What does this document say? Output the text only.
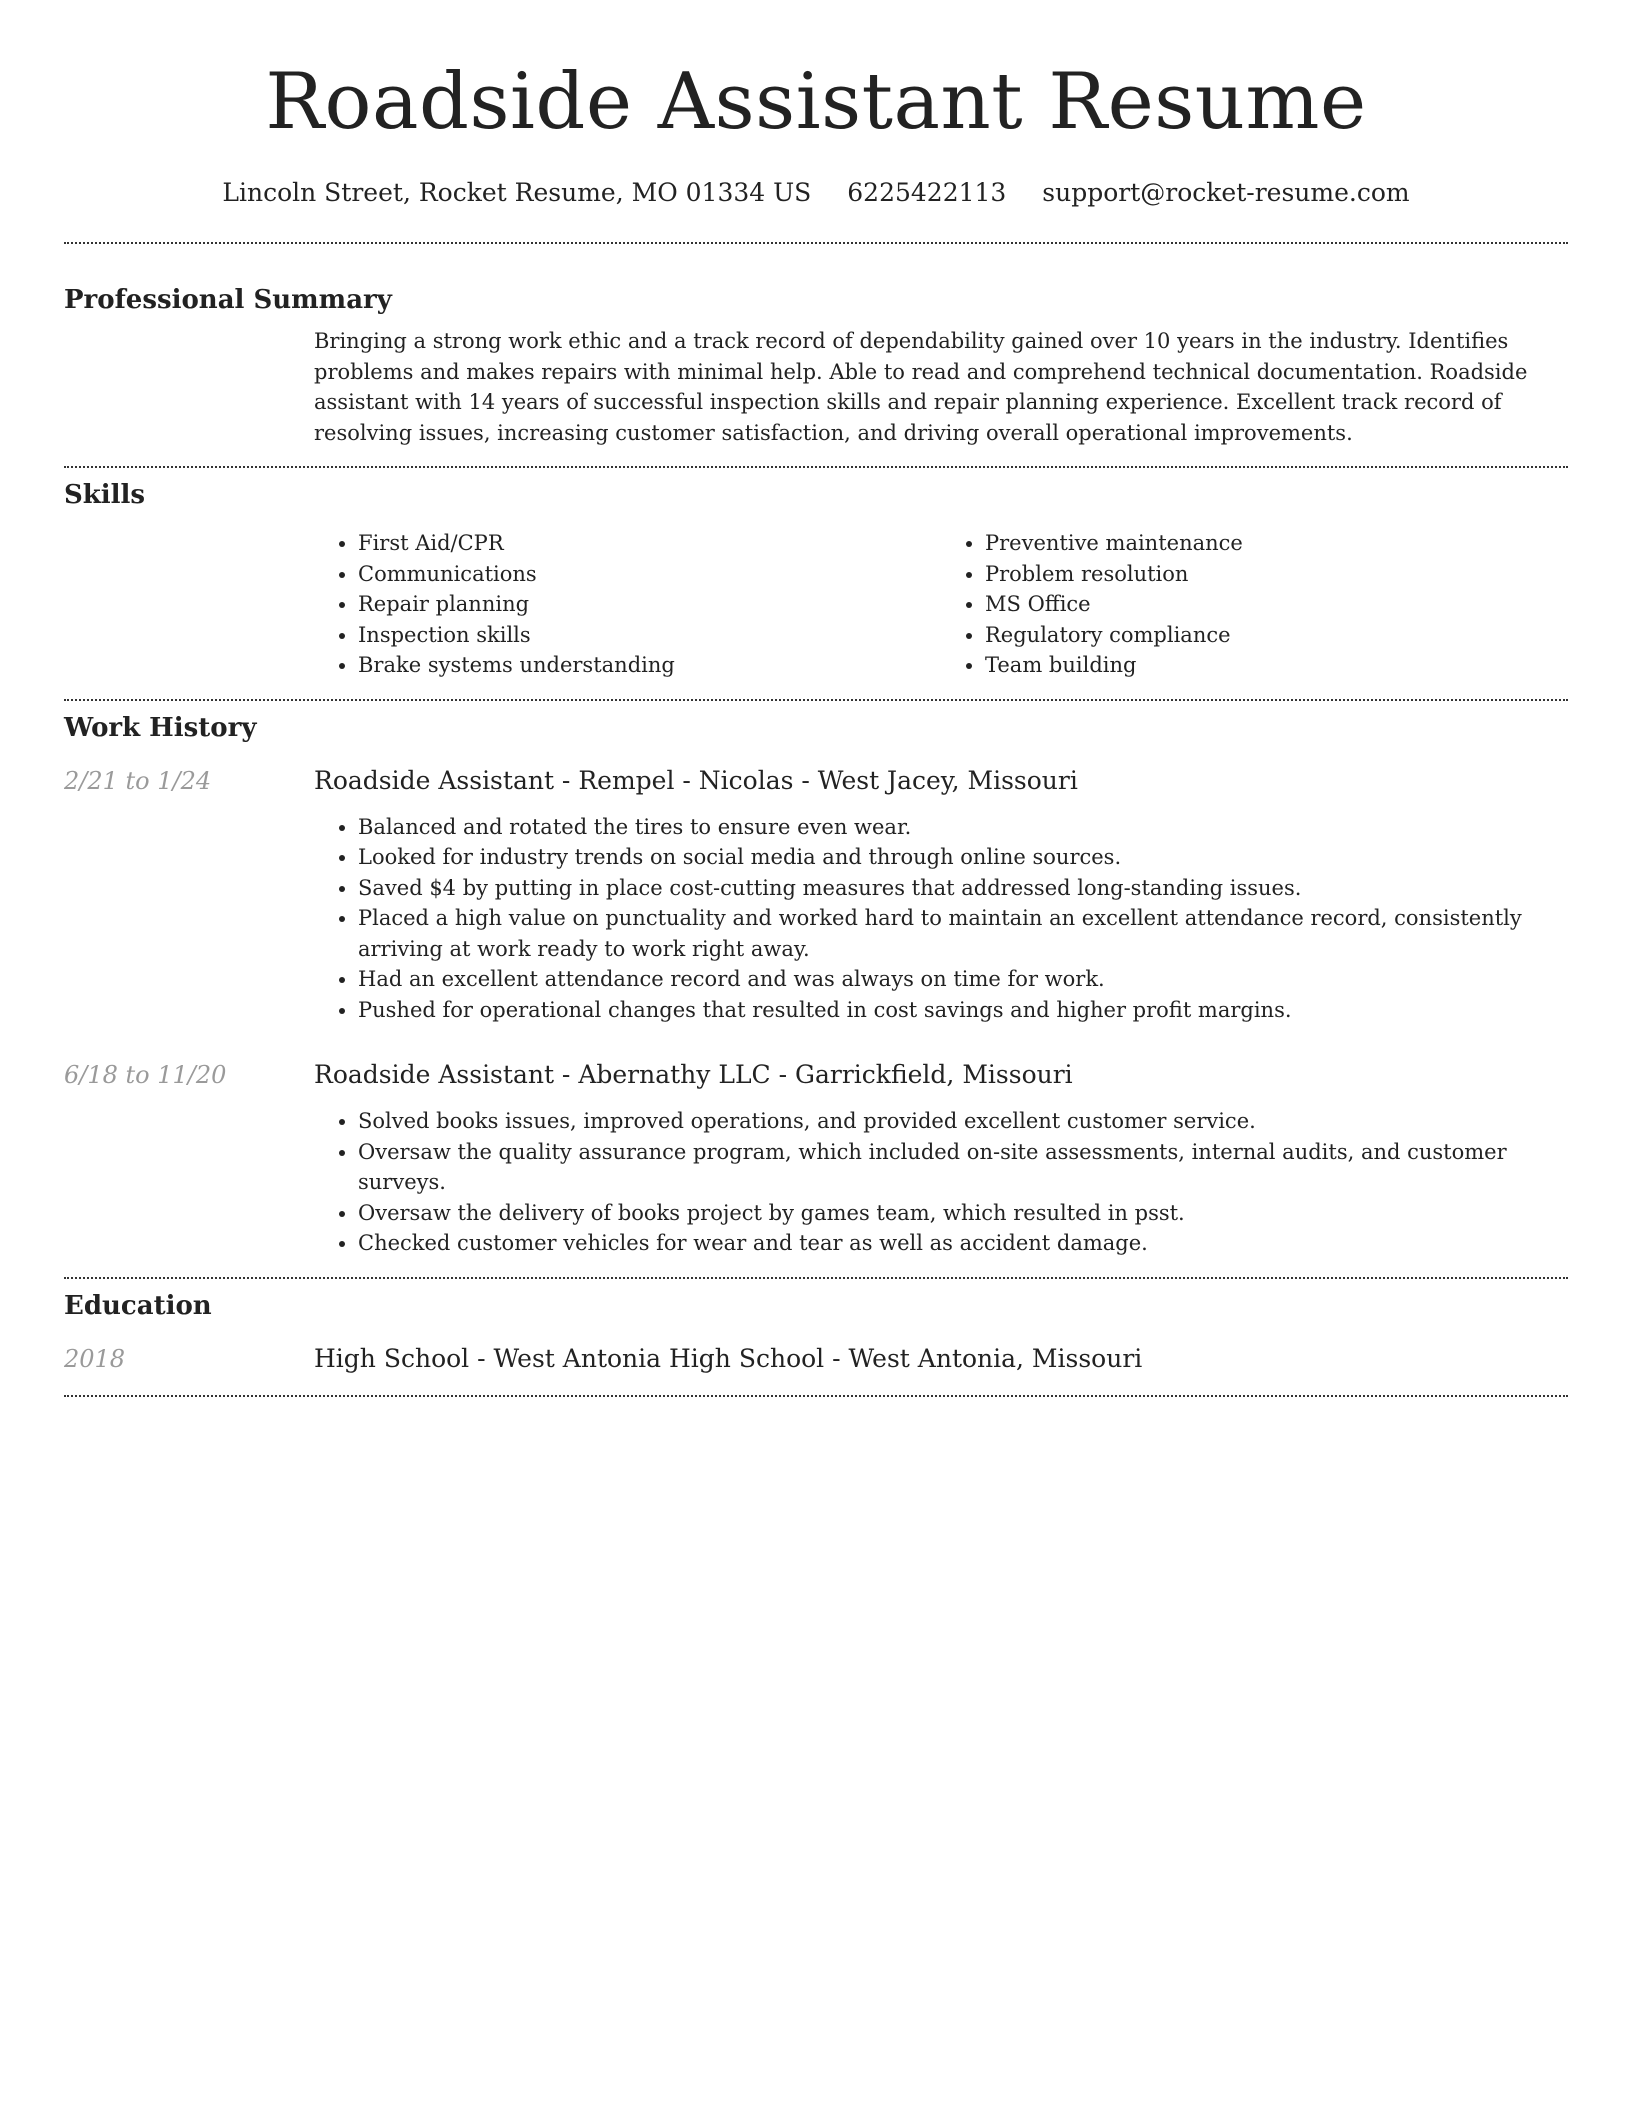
Roadside Assistant Resume
Lincoln Street, Rocket Resume, MO 01334 US 6225422113 support@rocket-resume.com
Professional Summary

Bringing a strong work ethic and a track record of dependability gained over 10 years in the industry. Identifies problems and makes repairs with minimal help. Able to read and comprehend technical documentation. Roadside assistant with 14 years of successful inspection skills and repair planning experience. Excellent track record of resolving issues, increasing customer satisfaction, and driving overall operational improvements.

Skills
• First Aid/CPR
• Communications
• Repair planning
• Inspection skills
• Brake systems understanding
• Preventive maintenance
• Problem resolution
• MS Office
• Regulatory compliance
• Team building
Work History
2/21 to 1/24	Roadside Assistant - Rempel - Nicolas - West Jacey, Missouri
• Balanced and rotated the tires to ensure even wear.
• Looked for industry trends on social media and through online sources.
• Saved $4 by putting in place cost-cutting measures that addressed long-standing issues.
• Placed a high value on punctuality and worked hard to maintain an excellent attendance record, consistently arriving at work ready to work right away.
• Had an excellent attendance record and was always on time for work.
• Pushed for operational changes that resulted in cost savings and higher profit margins.
6/18 to 11/20	Roadside Assistant - Abernathy LLC - Garrickfield, Missouri
• Solved books issues, improved operations, and provided excellent customer service.
• Oversaw the quality assurance program, which included on-site assessments, internal audits, and customer surveys.
• Oversaw the delivery of books project by games team, which resulted in psst.
• Checked customer vehicles for wear and tear as well as accident damage.
Education
2018	High School - West Antonia High School - West Antonia, Missouri
